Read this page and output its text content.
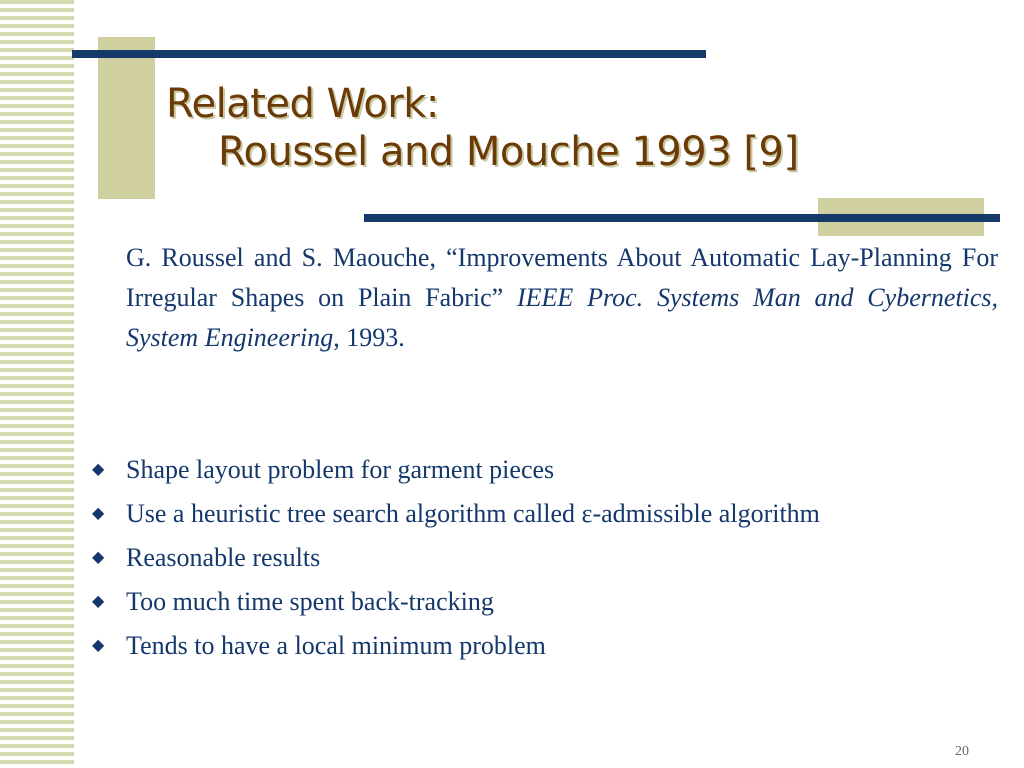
Related Work:
Roussel and Mouche 1993 [9]

G. Roussel and S. Maouche, “Improvements About Automatic Lay-Planning For Irregular Shapes on Plain Fabric” IEEE Proc. Systems Man and Cybernetics, System Engineering, 1993.

◆ Shape layout problem for garment pieces
◆ Use a heuristic tree search algorithm called ε-admissible algorithm
◆ Reasonable results
◆ Too much time spent back-tracking
◆ Tends to have a local minimum problem
20
